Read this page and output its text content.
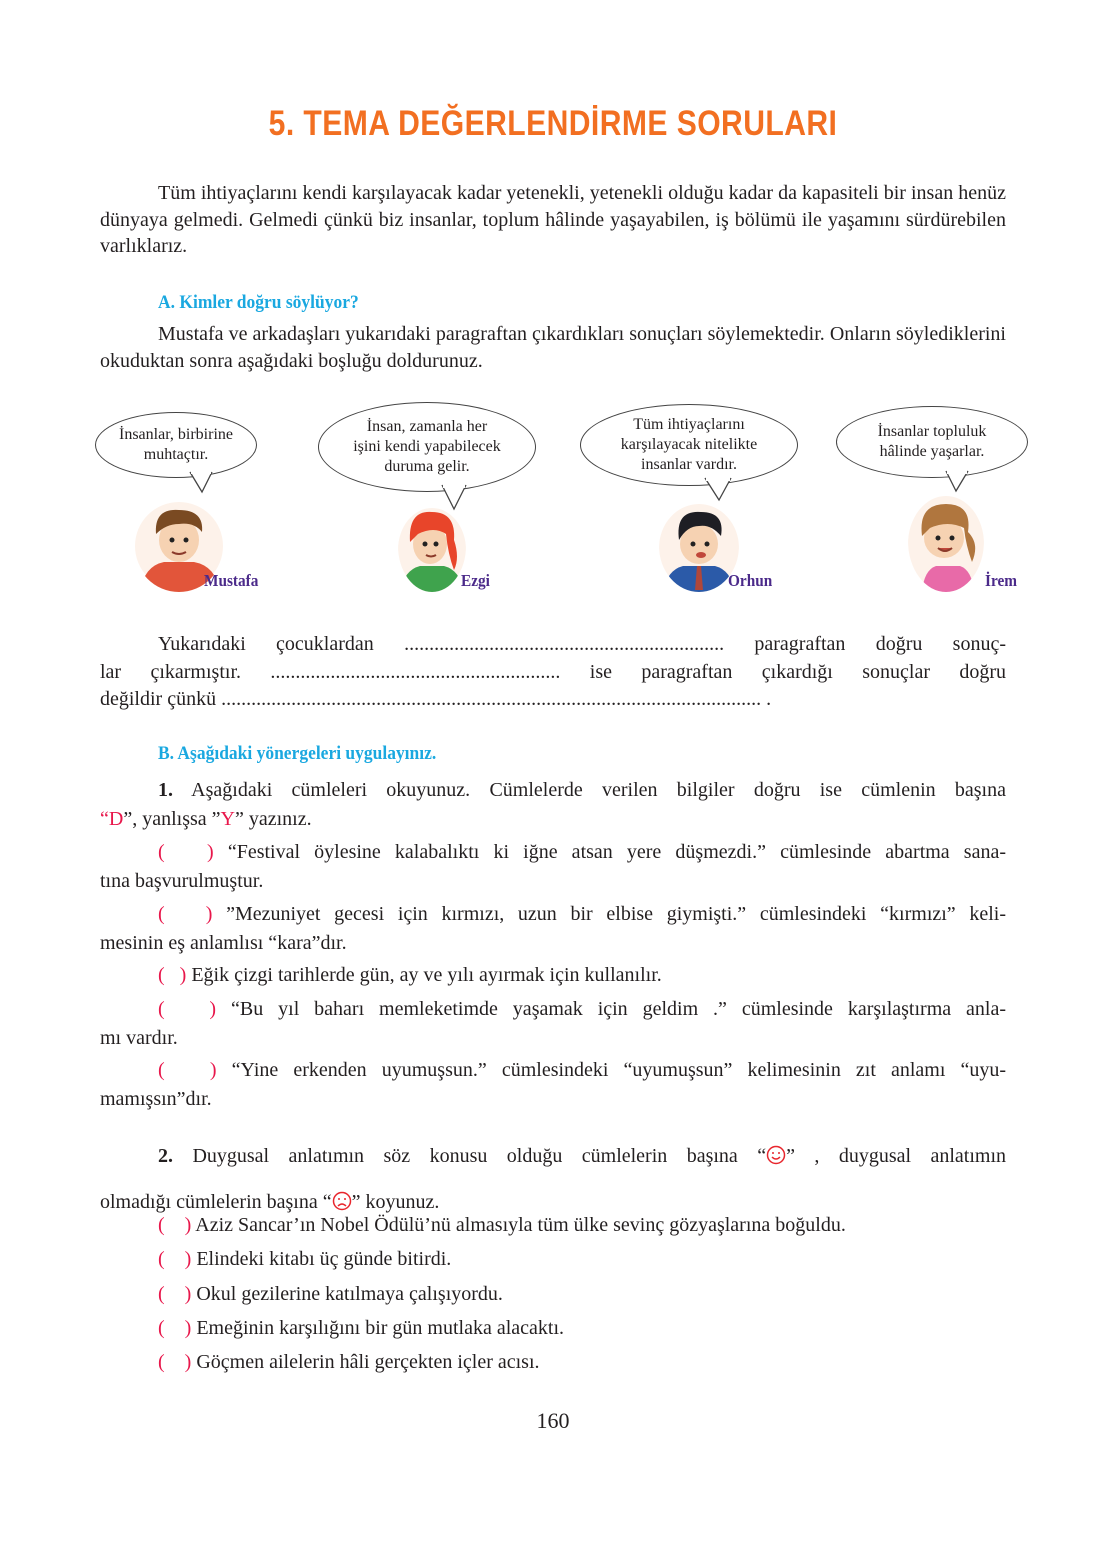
5. TEMA DEĞERLENDİRME SORULARI
Tüm ihtiyaçlarını kendi karşılayacak kadar yetenekli, yetenekli olduğu kadar da kapasiteli bir insan henüz dünyaya gelmedi. Gelmedi çünkü biz insanlar, toplum hâlinde yaşayabilen, iş bölümü ile yaşamını sürdürebilen varlıklarız.
A. Kimler doğru söylüyor?
Mustafa ve arkadaşları yukarıdaki paragraftan çıkardıkları sonuçları söylemektedir. Onların söylediklerini okuduktan sonra aşağıdaki boşluğu doldurunuz.
İnsanlar, birbirine
muhtaçtır.
İnsan, zamanla her
işini kendi yapabilecek
duruma gelir.
Tüm ihtiyaçlarını
karşılayacak nitelikte
insanlar vardır.
İnsanlar topluluk
hâlinde yaşarlar.
Mustafa	Ezgi	Orhun	İrem
Yukarıdaki çocuklardan ................................................................ paragraftan doğru sonuç-
lar çıkarmıştır. .......................................................... ise paragraftan çıkardığı sonuçlar doğru
değildir çünkü ............................................................................................................ .
B. Aşağıdaki yönergeleri uygulayınız.
1. Aşağıdaki cümleleri okuyunuz. Cümlelerde verilen bilgiler doğru ise cümlenin başına
“D”, yanlışsa ”Y” yazınız.
( ) “Festival öylesine kalabalıktı ki iğne atsan yere düşmezdi.” cümlesinde abartma sana-
tına başvurulmuştur.
( ) ”Mezuniyet gecesi için kırmızı, uzun bir elbise giymişti.” cümlesindeki “kırmızı” keli-
mesinin eş anlamlısı “kara”dır.
( ) Eğik çizgi tarihlerde gün, ay ve yılı ayırmak için kullanılır.
( ) “Bu yıl baharı memleketimde yaşamak için geldim .” cümlesinde karşılaştırma anla-
mı vardır.
( ) “Yine erkenden uyumuşsun.” cümlesindeki “uyumuşsun” kelimesinin zıt anlamı “uyu-
mamışsın”dır.
2. Duygusal anlatımın söz konusu olduğu cümlelerin başına “ ” , duygusal anlatımın
olmadığı cümlelerin başına “ ” koyunuz.
( ) Aziz Sancar’ın Nobel Ödülü’nü almasıyla tüm ülke sevinç gözyaşlarına boğuldu.
( ) Elindeki kitabı üç günde bitirdi.
( ) Okul gezilerine katılmaya çalışıyordu.
( ) Emeğinin karşılığını bir gün mutlaka alacaktı.
( ) Göçmen ailelerin hâli gerçekten içler acısı.
160
